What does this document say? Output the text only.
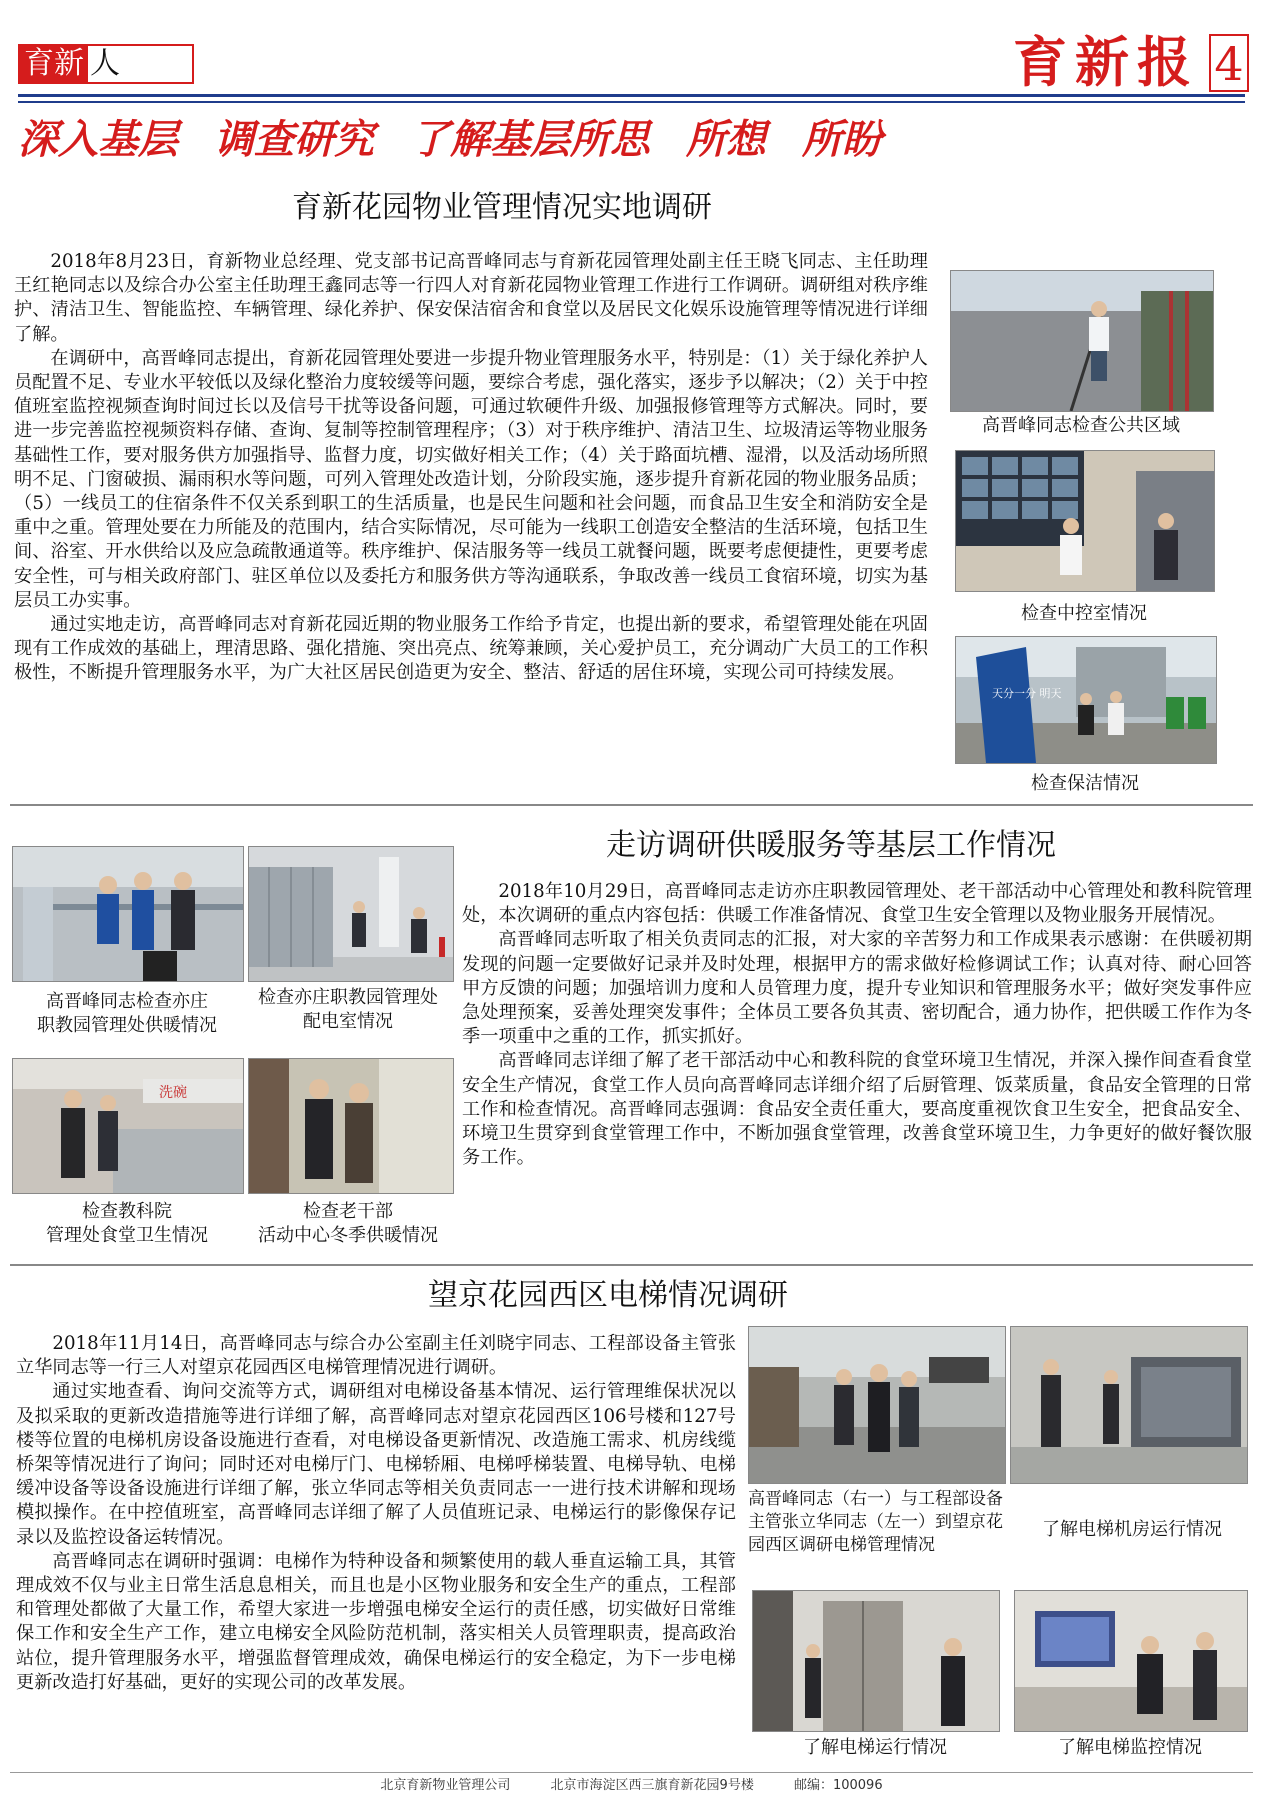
育新 人	育新报 4
深入基层 调查研究 了解基层所思 所想 所盼
育新花园物业管理情况实地调研

2018年8月23日，育新物业总经理、党支部书记高晋峰同志与育新花园管理处副主任王晓飞同志、主任助理王红艳同志以及综合办公室主任助理王鑫同志等一行四人对育新花园物业管理工作进行工作调研。调研组对秩序维护、清洁卫生、智能监控、车辆管理、绿化养护、保安保洁宿舍和食堂以及居民文化娱乐设施管理等情况进行详细了解。

在调研中，高晋峰同志提出，育新花园管理处要进一步提升物业管理服务水平，特别是：（1）关于绿化养护人员配置不足、专业水平较低以及绿化整治力度较缓等问题，要综合考虑，强化落实，逐步予以解决；（2）关于中控值班室监控视频查询时间过长以及信号干扰等设备问题，可通过软硬件升级、加强报修管理等方式解决。同时，要进一步完善监控视频资料存储、查询、复制等控制管理程序；（3）对于秩序维护、清洁卫生、垃圾清运等物业服务基础性工作，要对服务供方加强指导、监督力度，切实做好相关工作；（4）关于路面坑槽、湿滑，以及活动场所照明不足、门窗破损、漏雨积水等问题，可列入管理处改造计划，分阶段实施，逐步提升育新花园的物业服务品质；（5）一线员工的住宿条件不仅关系到职工的生活质量，也是民生问题和社会问题，而食品卫生安全和消防安全是重中之重。管理处要在力所能及的范围内，结合实际情况，尽可能为一线职工创造安全整洁的生活环境，包括卫生间、浴室、开水供给以及应急疏散通道等。秩序维护、保洁服务等一线员工就餐问题，既要考虑便捷性，更要考虑安全性，可与相关政府部门、驻区单位以及委托方和服务供方等沟通联系，争取改善一线员工食宿环境，切实为基层员工办实事。

通过实地走访，高晋峰同志对育新花园近期的物业服务工作给予肯定，也提出新的要求，希望管理处能在巩固现有工作成效的基础上，理清思路、强化措施、突出亮点、统筹兼顾，关心爱护员工，充分调动广大员工的工作积极性，不断提升管理服务水平，为广大社区居民创造更为安全、整洁、舒适的居住环境，实现公司可持续发展。

高晋峰同志检查公共区域
检查中控室情况
天分一分 明天
检查保洁情况
走访调研供暖服务等基层工作情况
高晋峰同志检查亦庄
职教园管理处供暖情况
检查亦庄职教园管理处
配电室情况
洗碗
检查教科院
管理处食堂卫生情况
检查老干部
活动中心冬季供暖情况

2018年10月29日，高晋峰同志走访亦庄职教园管理处、老干部活动中心管理处和教科院管理处，本次调研的重点内容包括：供暖工作准备情况、食堂卫生安全管理以及物业服务开展情况。

高晋峰同志听取了相关负责同志的汇报，对大家的辛苦努力和工作成果表示感谢：在供暖初期发现的问题一定要做好记录并及时处理，根据甲方的需求做好检修调试工作；认真对待、耐心回答甲方反馈的问题；加强培训力度和人员管理力度，提升专业知识和管理服务水平；做好突发事件应急处理预案，妥善处理突发事件；全体员工要各负其责、密切配合，通力协作，把供暖工作作为冬季一项重中之重的工作，抓实抓好。

高晋峰同志详细了解了老干部活动中心和教科院的食堂环境卫生情况，并深入操作间查看食堂安全生产情况，食堂工作人员向高晋峰同志详细介绍了后厨管理、饭菜质量，食品安全管理的日常工作和检查情况。高晋峰同志强调：食品安全责任重大，要高度重视饮食卫生安全，把食品安全、环境卫生贯穿到食堂管理工作中，不断加强食堂管理，改善食堂环境卫生，力争更好的做好餐饮服务工作。

望京花园西区电梯情况调研

2018年11月14日，高晋峰同志与综合办公室副主任刘晓宇同志、工程部设备主管张立华同志等一行三人对望京花园西区电梯管理情况进行调研。

通过实地查看、询问交流等方式，调研组对电梯设备基本情况、运行管理维保状况以及拟采取的更新改造措施等进行详细了解，高晋峰同志对望京花园西区106号楼和127号楼等位置的电梯机房设备设施进行查看，对电梯设备更新情况、改造施工需求、机房线缆桥架等情况进行了询问；同时还对电梯厅门、电梯轿厢、电梯呼梯装置、电梯导轨、电梯缓冲设备等设备设施进行详细了解，张立华同志等相关负责同志一一进行技术讲解和现场模拟操作。在中控值班室，高晋峰同志详细了解了人员值班记录、电梯运行的影像保存记录以及监控设备运转情况。

高晋峰同志在调研时强调：电梯作为特种设备和频繁使用的载人垂直运输工具，其管理成效不仅与业主日常生活息息相关，而且也是小区物业服务和安全生产的重点，工程部和管理处都做了大量工作，希望大家进一步增强电梯安全运行的责任感，切实做好日常维保工作和安全生产工作，建立电梯安全风险防范机制，落实相关人员管理职责，提高政治站位，提升管理服务水平，增强监督管理成效，确保电梯运行的安全稳定，为下一步电梯更新改造打好基础，更好的实现公司的改革发展。

高晋峰同志（右一）与工程部设备主管张立华同志（左一）到望京花园西区调研电梯管理情况
了解电梯机房运行情况
了解电梯运行情况	了解电梯监控情况
北京育新物业管理公司	北京市海淀区西三旗育新花园9号楼	邮编：100096
